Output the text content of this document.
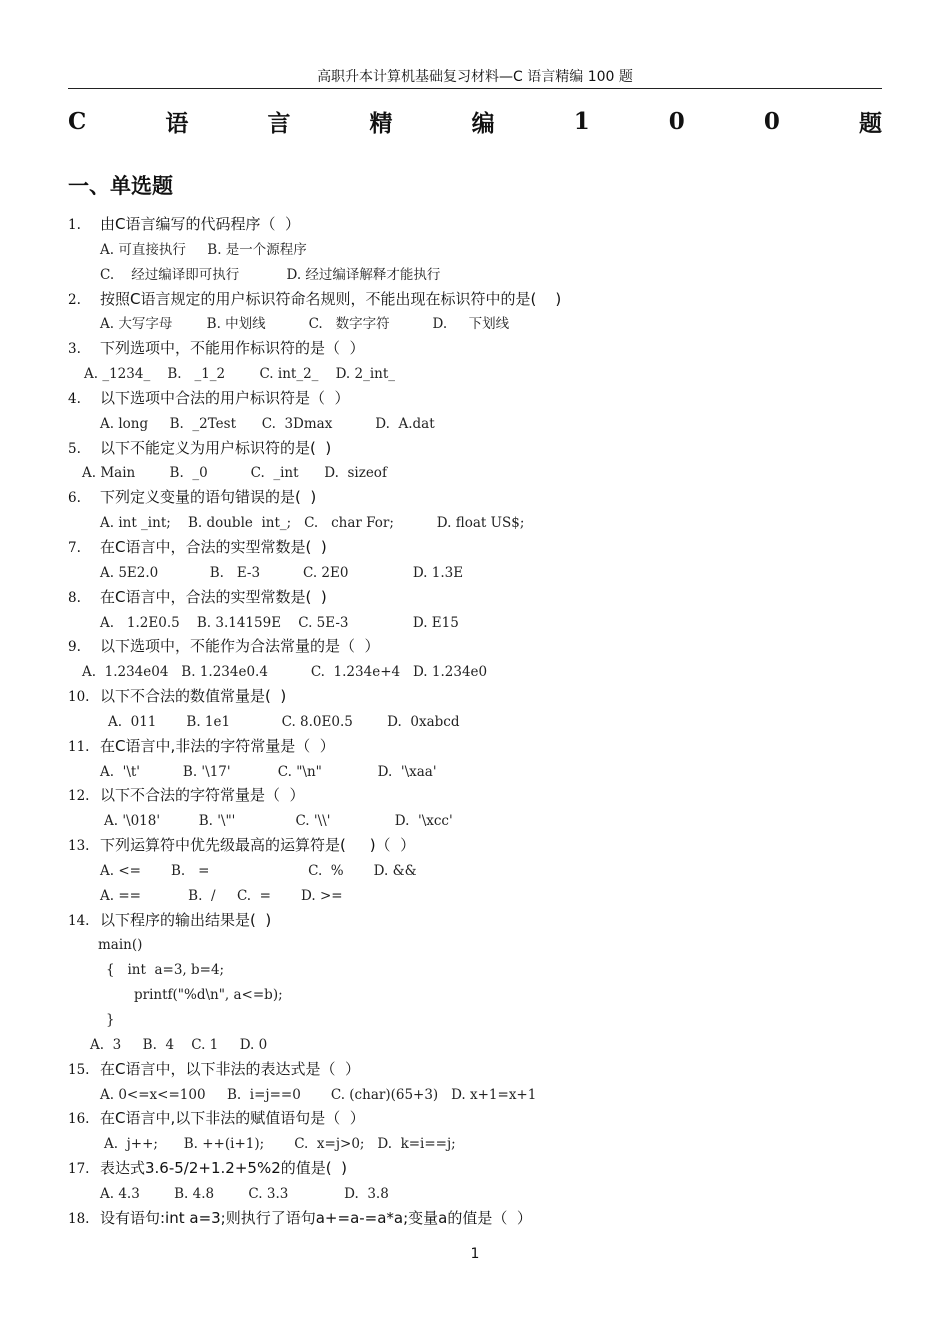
高职升本计算机基础复习材料—C 语言精编 100 题
C	语	言	精	编	1	0	0	题
一、单选题
1. 由C语言编写的代码程序（  ）
A. 可直接执行     B. 是一个源程序
C.    经过编译即可执行           D. 经过编译解释才能执行
2. 按照C语言规定的用户标识符命名规则，不能出现在标识符中的是(    )
A. 大写字母        B. 中划线          C.   数字字符          D.     下划线
3. 下列选项中，不能用作标识符的是（  ）
A. _1234_    B.   _1_2        C. int_2_    D. 2_int_
4. 以下选项中合法的用户标识符是（  ）
A. long     B.  _2Test      C.  3Dmax          D.  A.dat
5. 以下不能定义为用户标识符的是(  )
A. Main        B.  _0          C.  _int      D.  sizeof
6. 下列定义变量的语句错误的是(  )
A. int _int;    B. double  int_;   C.   char For;          D. float US$;
7. 在C语言中，合法的实型常数是(  )
A. 5E2.0            B.   E-3          C. 2E0               D. 1.3E
8. 在C语言中，合法的实型常数是(  )
A.   1.2E0.5    B. 3.14159E    C. 5E-3               D. E15
9. 以下选项中，不能作为合法常量的是（  ）
A.  1.234e04   B. 1.234e0.4          C.  1.234e+4   D. 1.234e0
10. 以下不合法的数值常量是(  )
A.  011       B. 1e1            C. 8.0E0.5        D.  0xabcd
11. 在C语言中,非法的字符常量是（  ）
A.  '\t'          B. '\17'           C. "\n"             D.  '\xaa'
12. 以下不合法的字符常量是（  ）
A. '\018'         B. '\"'              C. '\\'               D.  '\xcc'
13. 下列运算符中优先级最高的运算符是(     )（  ）
A. <=       B.   =                       C.  %       D. &&
A. ==           B.  /     C.  =       D. >=
14. 以下程序的输出结果是(  )
main()
{   int  a=3, b=4;
printf("%d\n", a<=b);
}
A.  3     B.  4    C. 1     D. 0
15. 在C语言中，以下非法的表达式是（  ）
A. 0<=x<=100     B.  i=j==0       C. (char)(65+3)   D. x+1=x+1
16. 在C语言中,以下非法的赋值语句是（  ）
A.  j++;      B. ++(i+1);       C.  x=j>0;   D.  k=i==j;
17. 表达式3.6-5/2+1.2+5%2的值是(  )
A. 4.3        B. 4.8        C. 3.3             D.  3.8
18. 设有语句:int a=3;则执行了语句a+=a-=a*a;变量a的值是（  ）
1
